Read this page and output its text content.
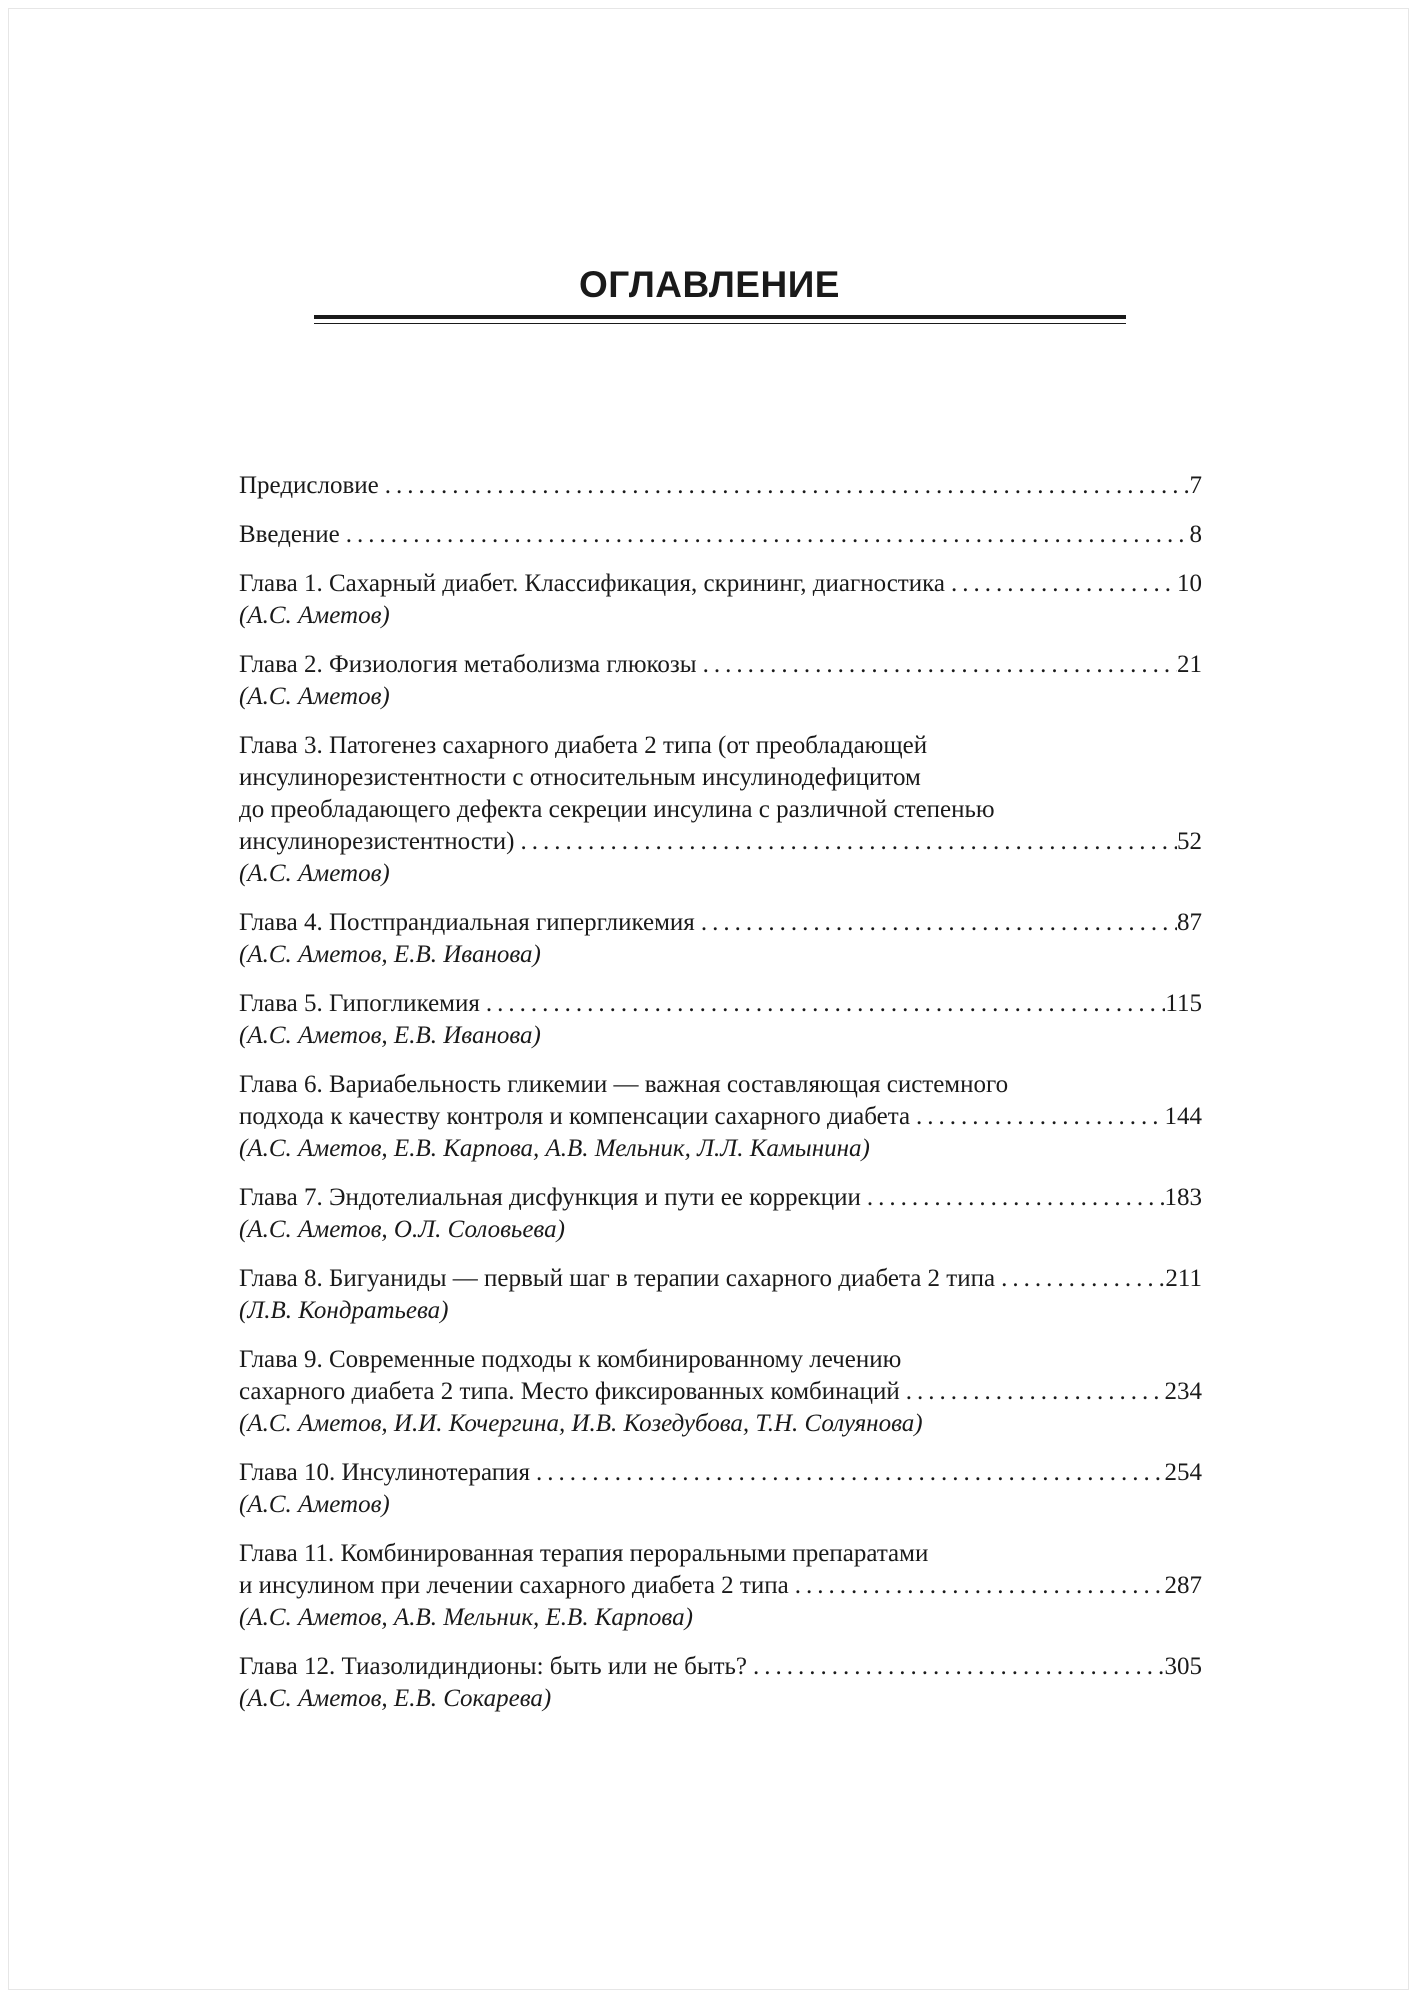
ОГЛАВЛЕНИЕ
Предисловие .....	7
Введение .....	8
Глава 1. Сахарный диабет. Классификация, скрининг, диагностика .....	10
(А.С. Аметов)
Глава 2. Физиология метаболизма глюкозы .....	21
(А.С. Аметов)
Глава 3. Патогенез сахарного диабета 2 типа (от преобладающей
инсулинорезистентности с относительным инсулинодефицитом
до преобладающего дефекта секреции инсулина с различной степенью
инсулинорезистентности) .....	52
(А.С. Аметов)
Глава 4. Постпрандиальная гипергликемия .....	87
(А.С. Аметов, Е.В. Иванова)
Глава 5. Гипогликемия .....	115
(А.С. Аметов, Е.В. Иванова)
Глава 6. Вариабельность гликемии — важная составляющая системного
подхода к качеству контроля и компенсации сахарного диабета .....	144
(А.С. Аметов, Е.В. Карпова, А.В. Мельник, Л.Л. Камынина)
Глава 7. Эндотелиальная дисфункция и пути ее коррекции .....	183
(А.С. Аметов, О.Л. Соловьева)
Глава 8. Бигуаниды — первый шаг в терапии сахарного диабета 2 типа .....	211
(Л.В. Кондратьева)
Глава 9. Современные подходы к комбинированному лечению
сахарного диабета 2 типа. Место фиксированных комбинаций .....	234
(А.С. Аметов, И.И. Кочергина, И.В. Козедубова, Т.Н. Солуянова)
Глава 10. Инсулинотерапия .....	254
(А.С. Аметов)
Глава 11. Комбинированная терапия пероральными препаратами
и инсулином при лечении сахарного диабета 2 типа .....	287
(А.С. Аметов, А.В. Мельник, Е.В. Карпова)
Глава 12. Тиазолидиндионы: быть или не быть? .....	305
(А.С. Аметов, Е.В. Сокарева)
